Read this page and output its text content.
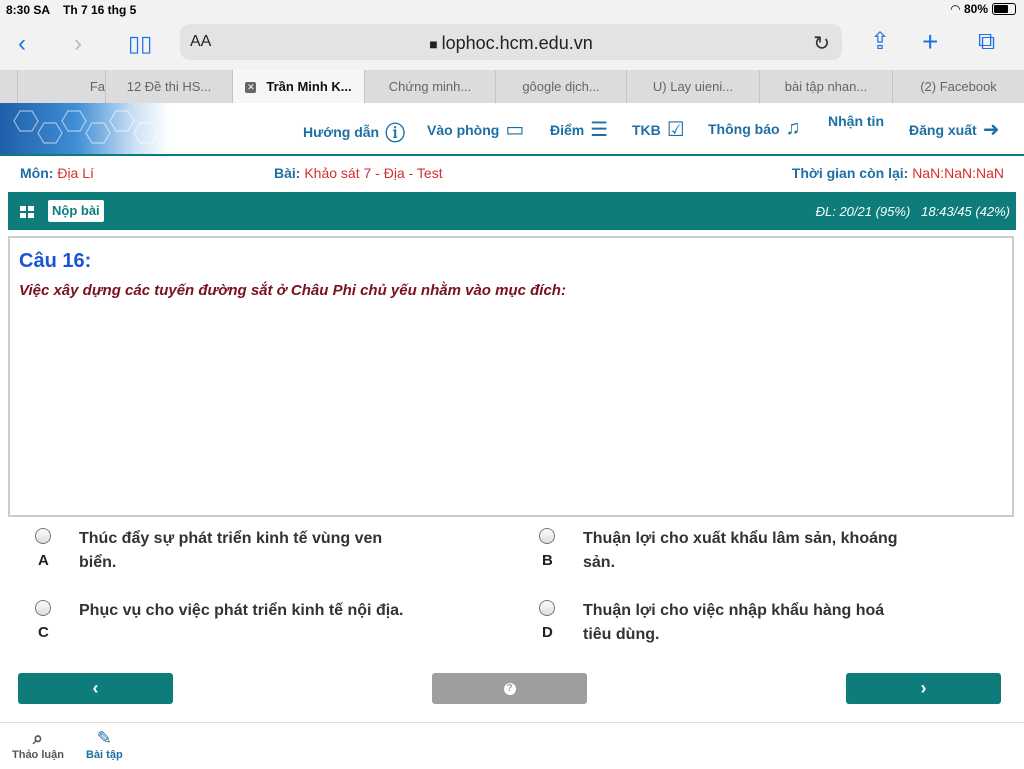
8:30 SA Th 7 16 thg 5	◠ 80%
‹ › ▯▯ AA	■ lophoc.hcm.edu.vn	↻ ⇪ + ⧉
Fa	12 Đề thi HS...	✕ Trần Minh K...	Chứng minh...	gôogle dịch...	U) Lay uieni...	bài tập nhan...	(2) Facebook
Hướng dẫn ⓘ Vào phòng ▭ Điểm ☰ TKB ☑ Thông báo ♫ Nhận tin
Đăng xuất ➜
Môn: Địa Lí	Bài: Khảo sát 7 - Địa - Test	Thời gian còn lại: NaN:NaN:NaN
Nộp bài	ĐL: 20/21 (95%)   18:43/45 (42%)
Câu 16:
Việc xây dựng các tuyến đường sắt ở Châu Phi chủ yếu nhằm vào mục đích:
A
Thúc đẩy sự phát triển kinh tế vùng ven biển.	B
Thuận lợi cho xuất khẩu lâm sản, khoáng sản.
C
Phục vụ cho việc phát triển kinh tế nội địa.
D
Thuận lợi cho việc nhập khẩu hàng hoá tiêu dùng.
‹	?	›
⌕
Thảo luận
✎
Bài tập
